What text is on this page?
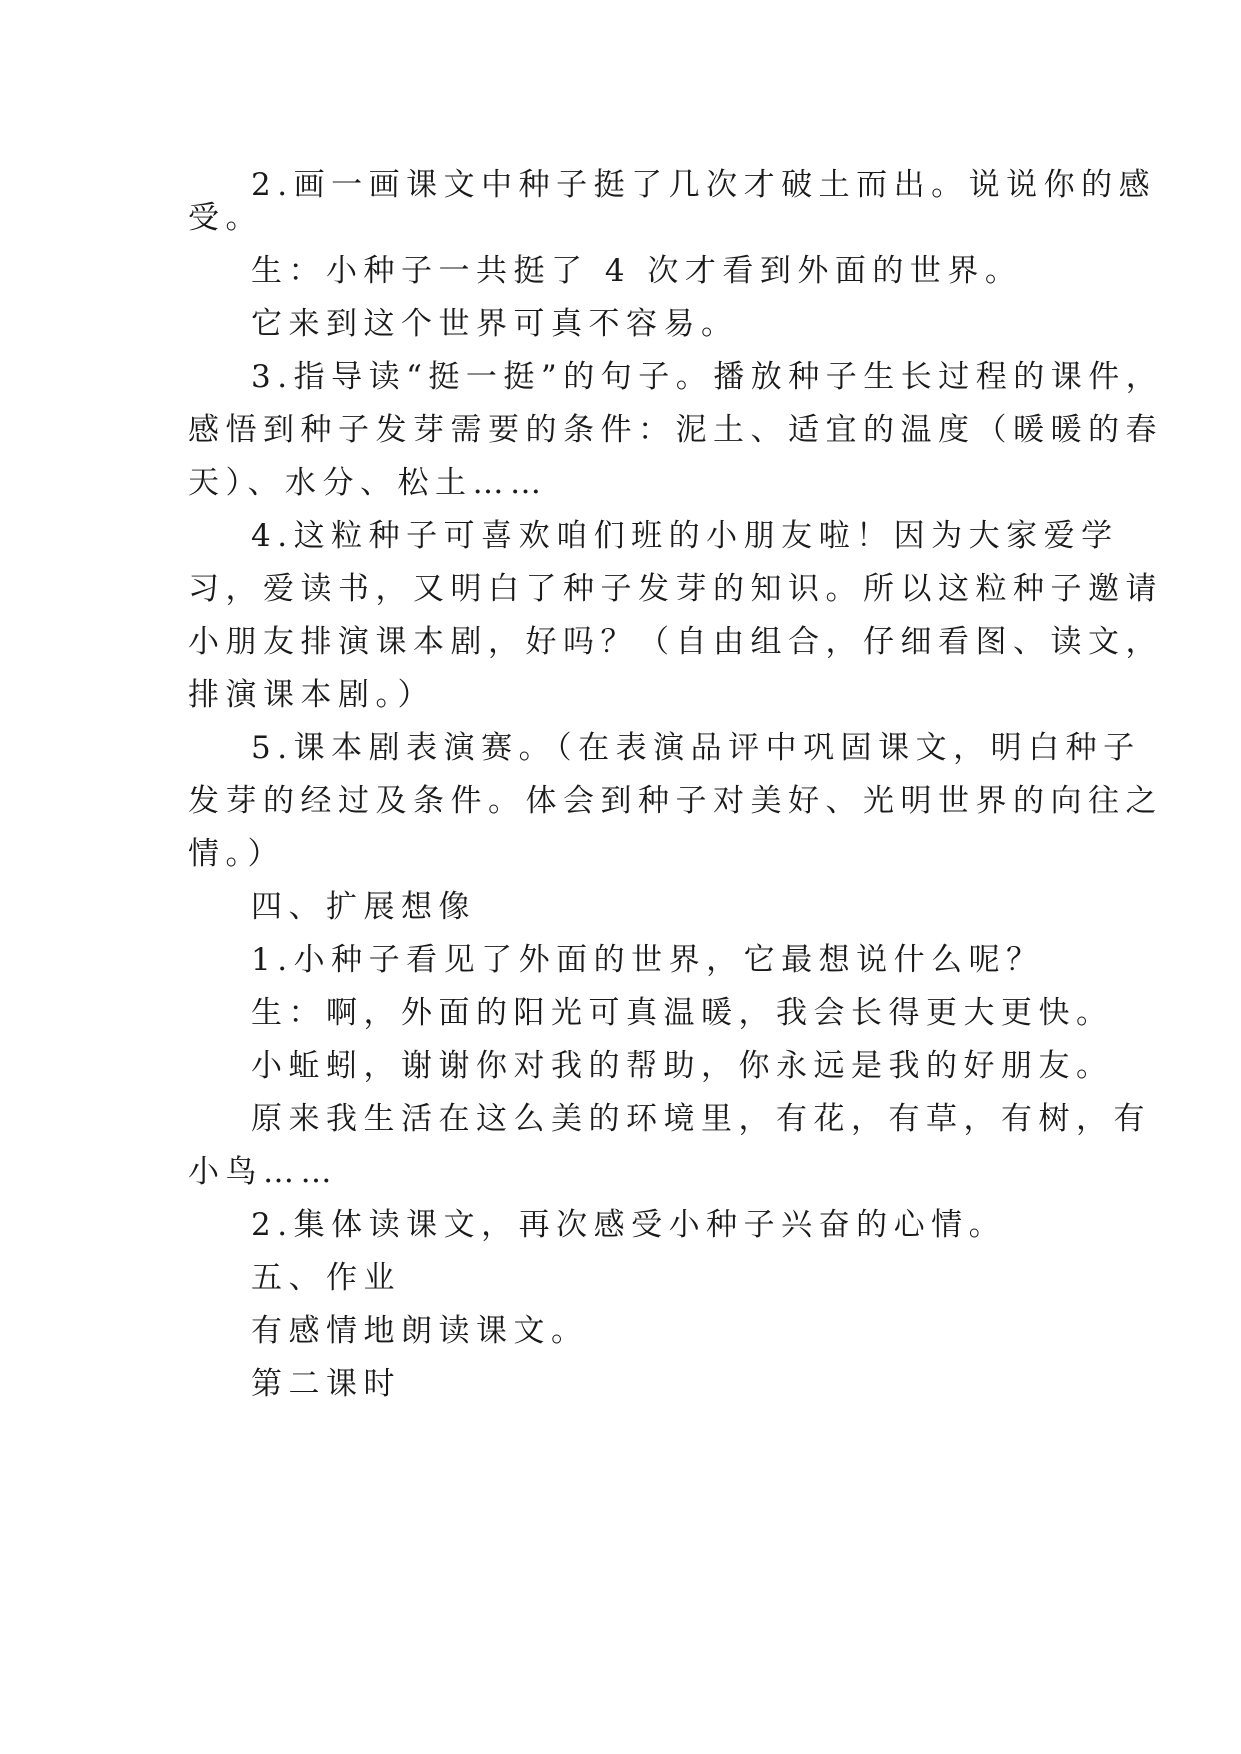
2.画一画课文中种子挺了几次才破土而出。说说你的感
受。
生：小种子一共挺了 4 次才看到外面的世界。
它来到这个世界可真不容易。
3.指导读“挺一挺”的句子。播放种子生长过程的课件，
感悟到种子发芽需要的条件：泥土、适宜的温度（暖暖的春
天）、水分、松土……
4.这粒种子可喜欢咱们班的小朋友啦！因为大家爱学
习，爱读书，又明白了种子发芽的知识。所以这粒种子邀请
小朋友排演课本剧，好吗？（自由组合，仔细看图、读文，
排演课本剧。）
5.课本剧表演赛。（在表演品评中巩固课文，明白种子
发芽的经过及条件。体会到种子对美好、光明世界的向往之
情。）
四、扩展想像
1.小种子看见了外面的世界，它最想说什么呢？
生：啊，外面的阳光可真温暖，我会长得更大更快。
小蚯蚓，谢谢你对我的帮助，你永远是我的好朋友。
原来我生活在这么美的环境里，有花，有草，有树，有
小鸟……
2.集体读课文，再次感受小种子兴奋的心情。
五、作业
有感情地朗读课文。
第二课时
